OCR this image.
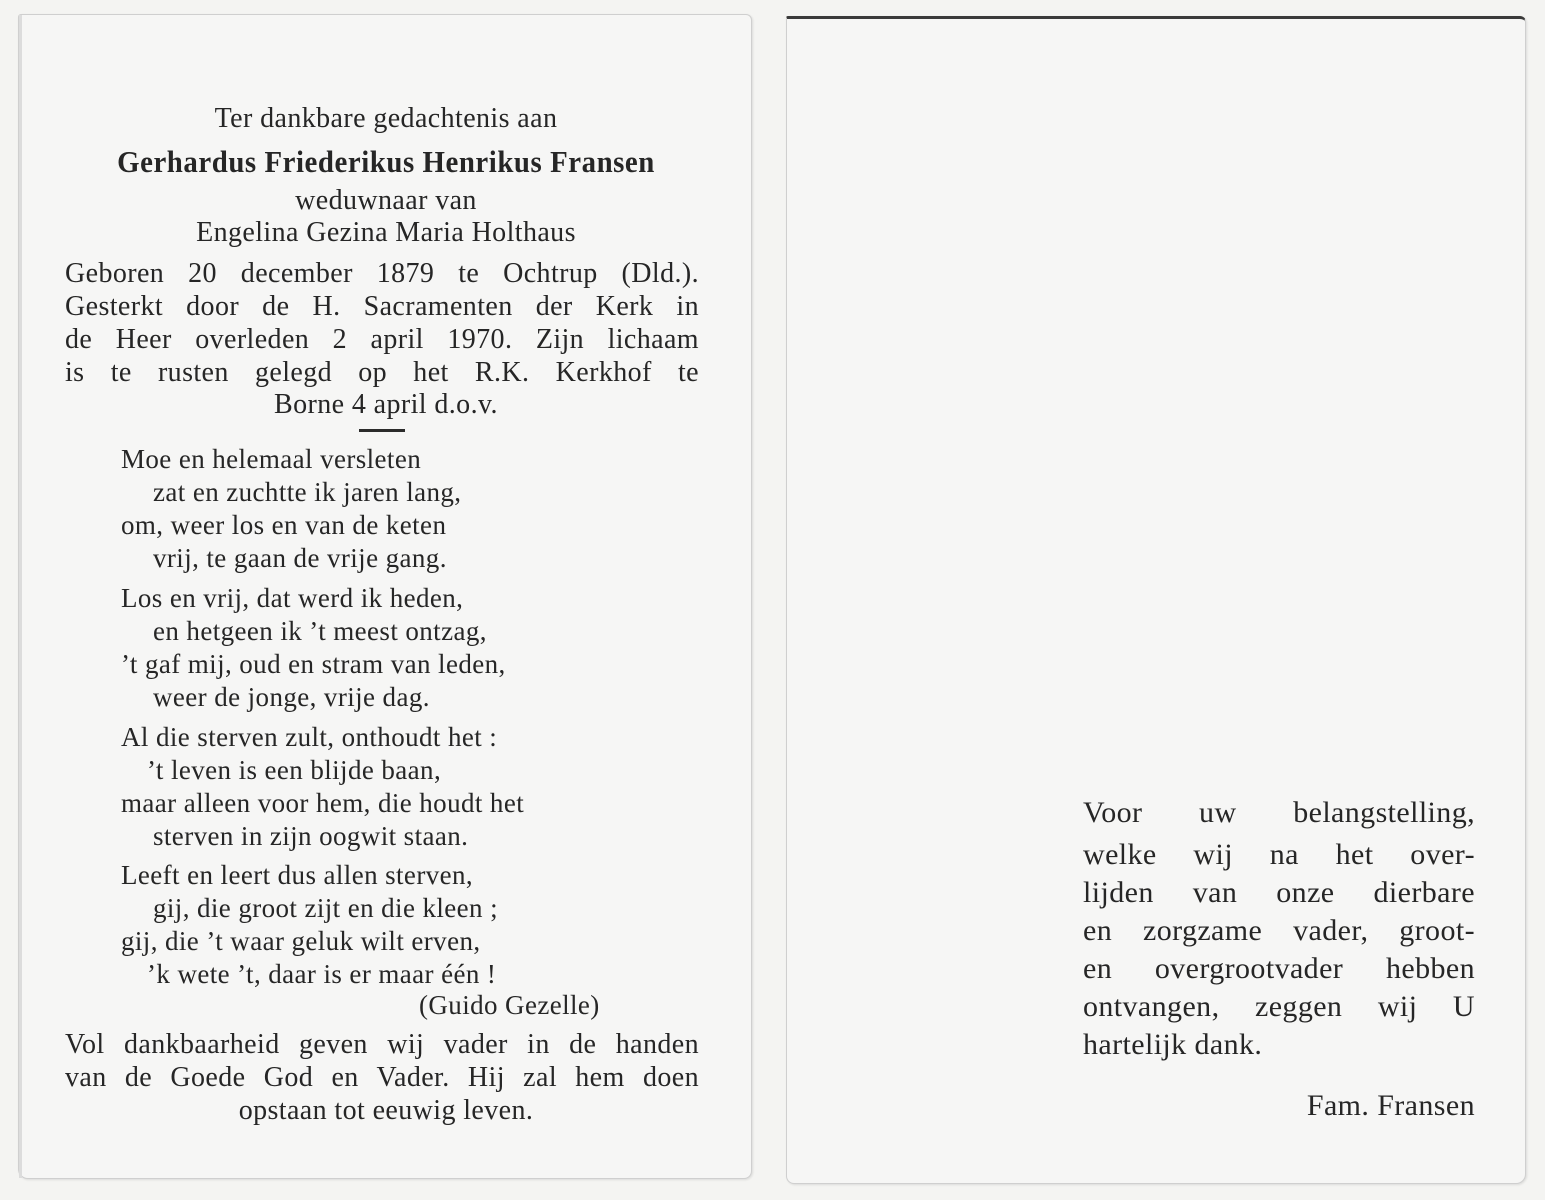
Ter dankbare gedachtenis aan

Gerhardus Friederikus Henrikus Fransen

weduwnaar van

Engelina Gezina Maria Holthaus

Geboren 20 december 1879 te Ochtrup (Dld.).

Gesterkt door de H. Sacramenten der Kerk in

de Heer overleden 2 april 1970. Zijn lichaam

is te rusten gelegd op het R.K. Kerkhof te

Borne 4 april d.o.v.

Moe en helemaal versleten

zat en zuchtte ik jaren lang,

om, weer los en van de keten

vrij, te gaan de vrije gang.

Los en vrij, dat werd ik heden,

en hetgeen ik ’t meest ontzag,

’t gaf mij, oud en stram van leden,

weer de jonge, vrije dag.

Al die sterven zult, onthoudt het :

’t leven is een blijde baan,

maar alleen voor hem, die houdt het

sterven in zijn oogwit staan.

Leeft en leert dus allen sterven,

gij, die groot zijt en die kleen ;

gij, die ’t waar geluk wilt erven,

’k wete ’t, daar is er maar één !

(Guido Gezelle)

Vol dankbaarheid geven wij vader in de handen

van de Goede God en Vader. Hij zal hem doen

opstaan tot eeuwig leven.

Voor uw belangstelling,

welke wij na het over-

lijden van onze dierbare

en zorgzame vader, groot-

en overgrootvader hebben

ontvangen, zeggen wij U

hartelijk dank.

Fam. Fransen
